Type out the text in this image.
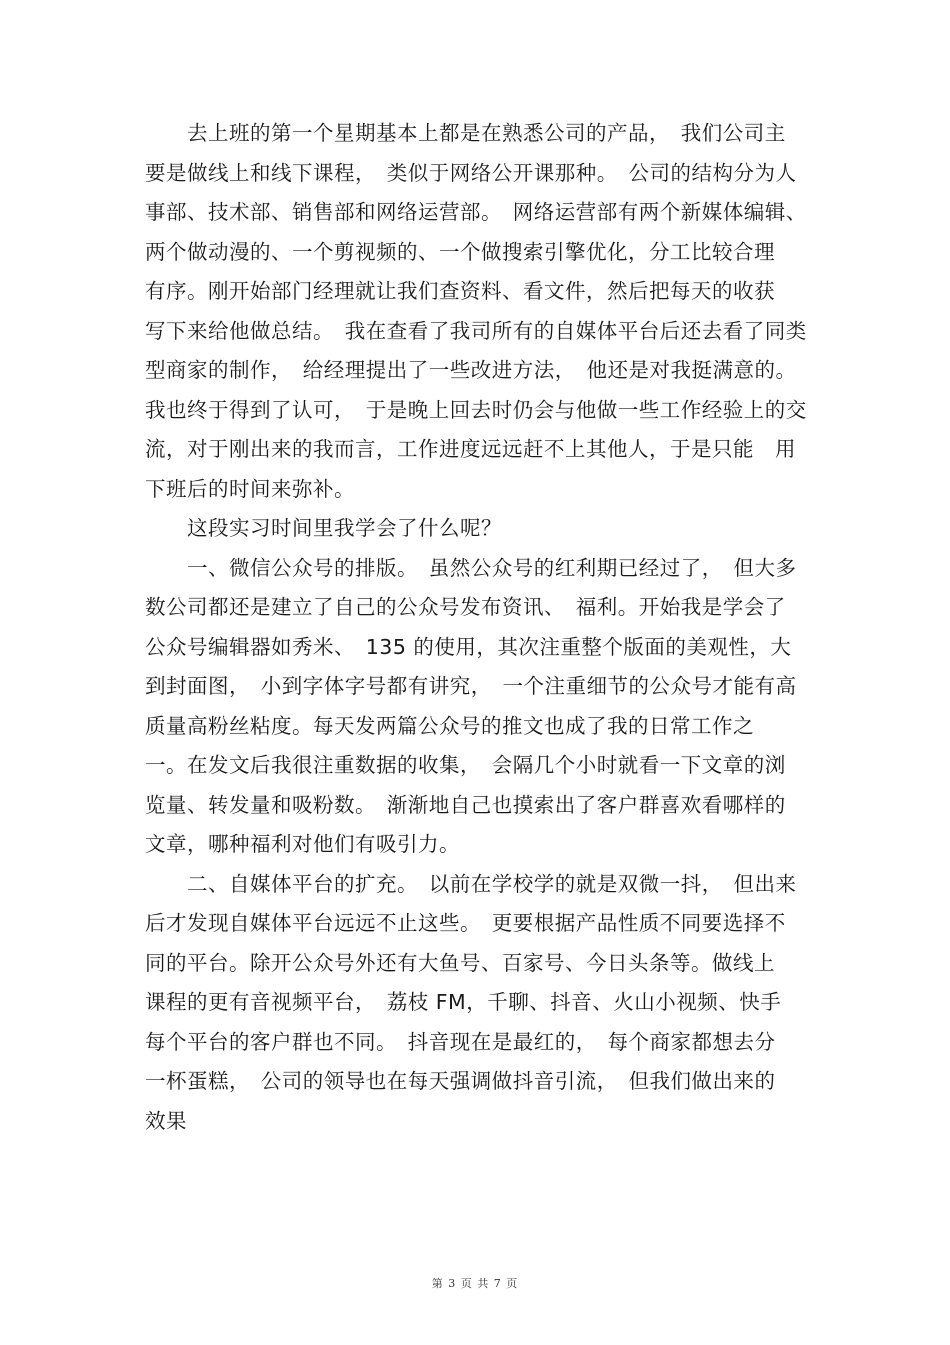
　　去上班的第一个星期基本上都是在熟悉公司的产品，　我们公司主
要是做线上和线下课程，　类似于网络公开课那种。　公司的结构分为人
事部、技术部、销售部和网络运营部。　网络运营部有两个新媒体编辑、
两个做动漫的、一个剪视频的、一个做搜索引擎优化，分工比较合理
有序。刚开始部门经理就让我们查资料、看文件，然后把每天的收获
写下来给他做总结。　我在查看了我司所有的自媒体平台后还去看了同类
型商家的制作，　给经理提出了一些改进方法，　他还是对我挺满意的。
我也终于得到了认可，　于是晚上回去时仍会与他做一些工作经验上的交
流，对于刚出来的我而言，工作进度远远赶不上其他人，于是只能　用
下班后的时间来弥补。
　　这段实习时间里我学会了什么呢？
　　一、微信公众号的排版。　虽然公众号的红利期已经过了，　但大多
数公司都还是建立了自己的公众号发布资讯、　福利。开始我是学会了
公众号编辑器如秀米、　135 的使用，其次注重整个版面的美观性，大
到封面图，　小到字体字号都有讲究，　一个注重细节的公众号才能有高
质量高粉丝粘度。每天发两篇公众号的推文也成了我的日常工作之
一。在发文后我很注重数据的收集，　会隔几个小时就看一下文章的浏
览量、转发量和吸粉数。　渐渐地自己也摸索出了客户群喜欢看哪样的
文章，哪种福利对他们有吸引力。
　　二、自媒体平台的扩充。　以前在学校学的就是双微一抖，　但出来
后才发现自媒体平台远远不止这些。　更要根据产品性质不同要选择不
同的平台。除开公众号外还有大鱼号、百家号、今日头条等。做线上
课程的更有音视频平台，　荔枝 FM，千聊、抖音、火山小视频、快手
每个平台的客户群也不同。　抖音现在是最红的，　每个商家都想去分
一杯蛋糕，　公司的领导也在每天强调做抖音引流，　但我们做出来的
效果
第 3 页 共 7 页
